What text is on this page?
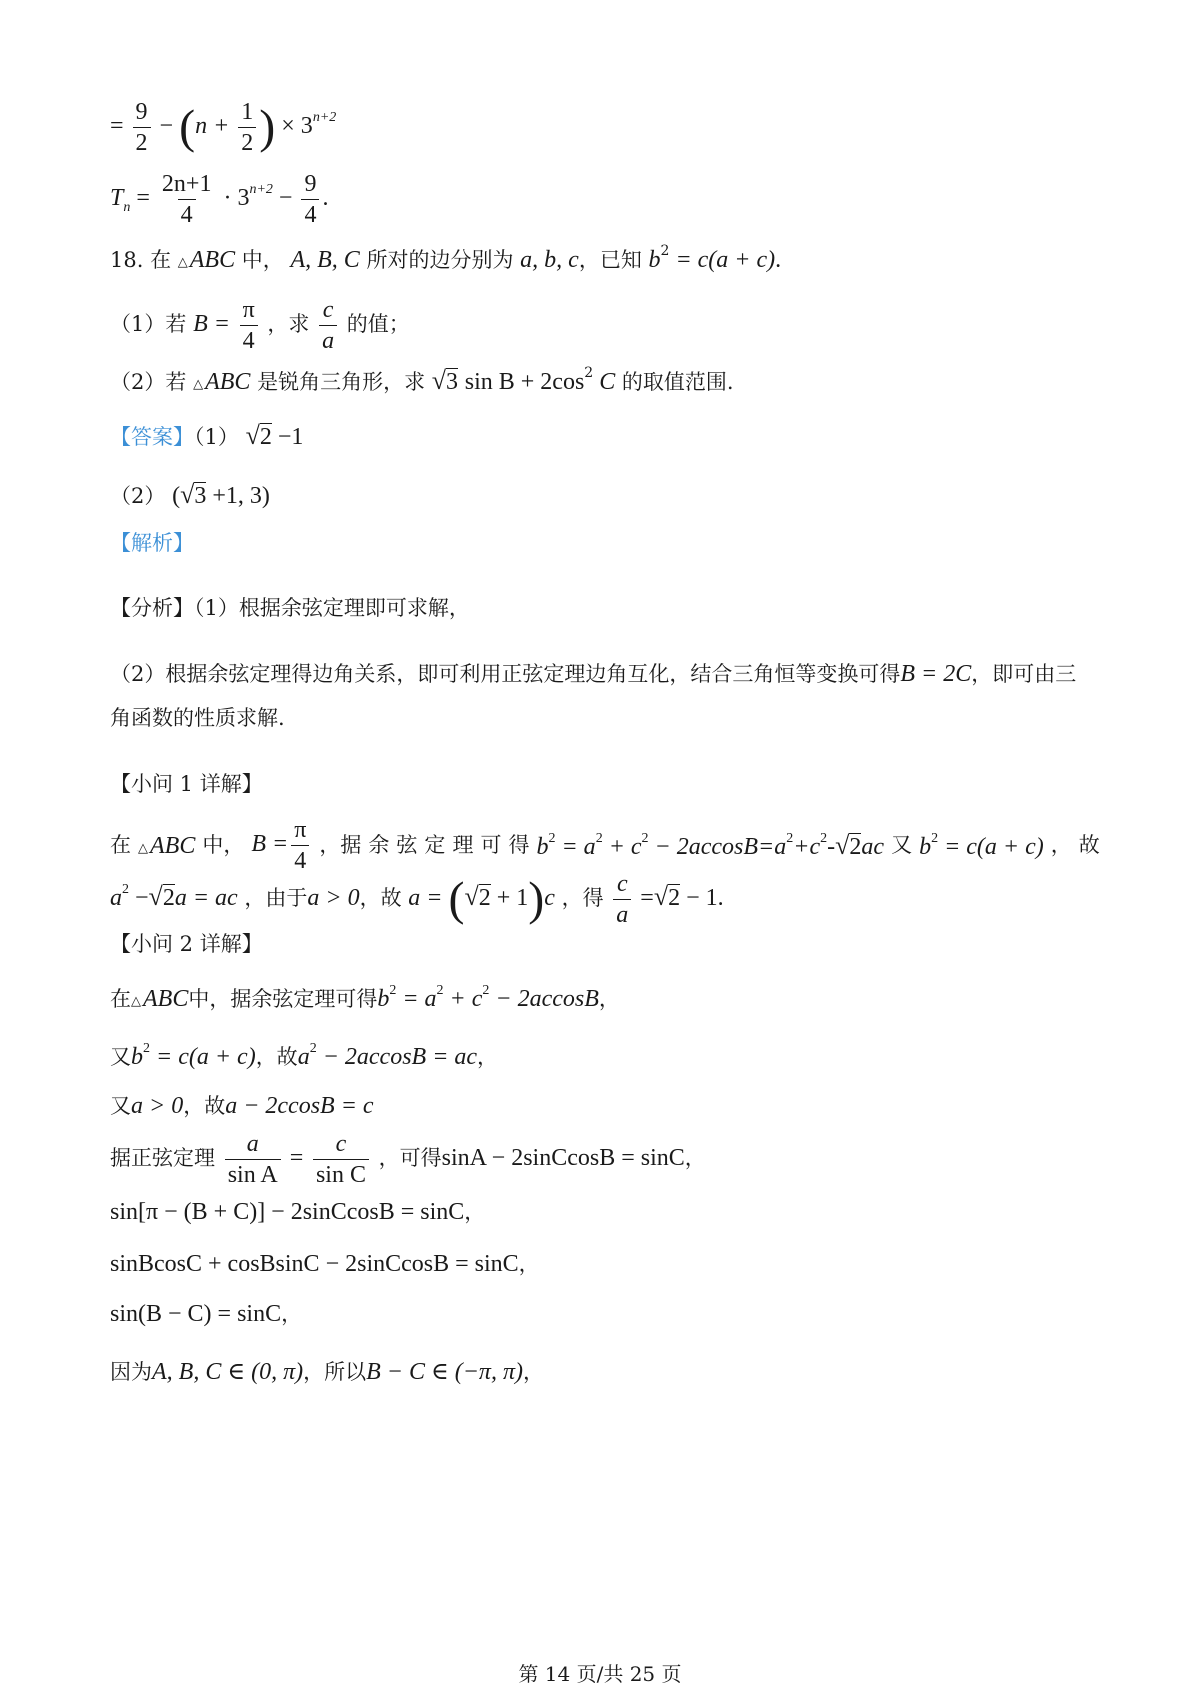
= $\frac{9}{2} - (n + \frac{1}{2}$ ) × $3^{n+2}$
$T_n = \frac{2n+1}{4} \cdot 3^{n+2} - \frac{9}{4}$ .
18. 在 △ABC 中， A, B, C 所对的边分别为 a, b, c，已知 $b^2 = c(a + c)$.
（1）若 $B = \frac{\pi}{4}$ ，求 $\frac{c}{a}$ 的值；
（2）若 △ABC 是锐角三角形，求 √ 3 $\sin B + 2\cos^2$ C 的取值范围.
【答案】（1） √ 2 −1
（2） ( √ 3 +1, 3)
【解析】
【分析】（1）根据余弦定理即可求解，
（2）根据余弦定理得边角关系，即可利用正弦定理边角互化，结合三角恒等变换可得B = 2C，即可由三
角函数的性质求解.
【小问 1 详解】
在 △ABC 中， $B = \frac{\pi}{4}$ ，据 余 弦 定 理 可 得 $b^2 = a^2 + c^2 - 2accosB=a^2+c^2-$ √ 2 ac 又 $b^2 = c(a + c)$ ， 故
$a^2$ − √ 2 a = ac ，由于a > 0，故 a = ( √ 2 + 1)c ，得 $\frac{c}{a}$ = √ 2 − 1.
【小问 2 详解】
在△ABC中，据余弦定理可得$b^2 = a^2 + c^2 - 2accosB$，
又$b^2 = c(a + c)$，故$a^2 - 2accosB$ = ac，
又a > 0，故a − 2ccosB = c
据正弦定理 $\frac{a}{\text{sin A}} = \frac{c}{\text{sin C}}$ ，可得sinA − 2sinCcosB = sinC，
sin[π − (B + C)] − 2sinCcosB = sinC，
sinBcosC + cosBsinC − 2sinCcosB = sinC，
sin(B − C) = sinC，
因为A, B, C ∈ (0, π)，所以B − C ∈ (−π, π)，
第 14 页/共 25 页
